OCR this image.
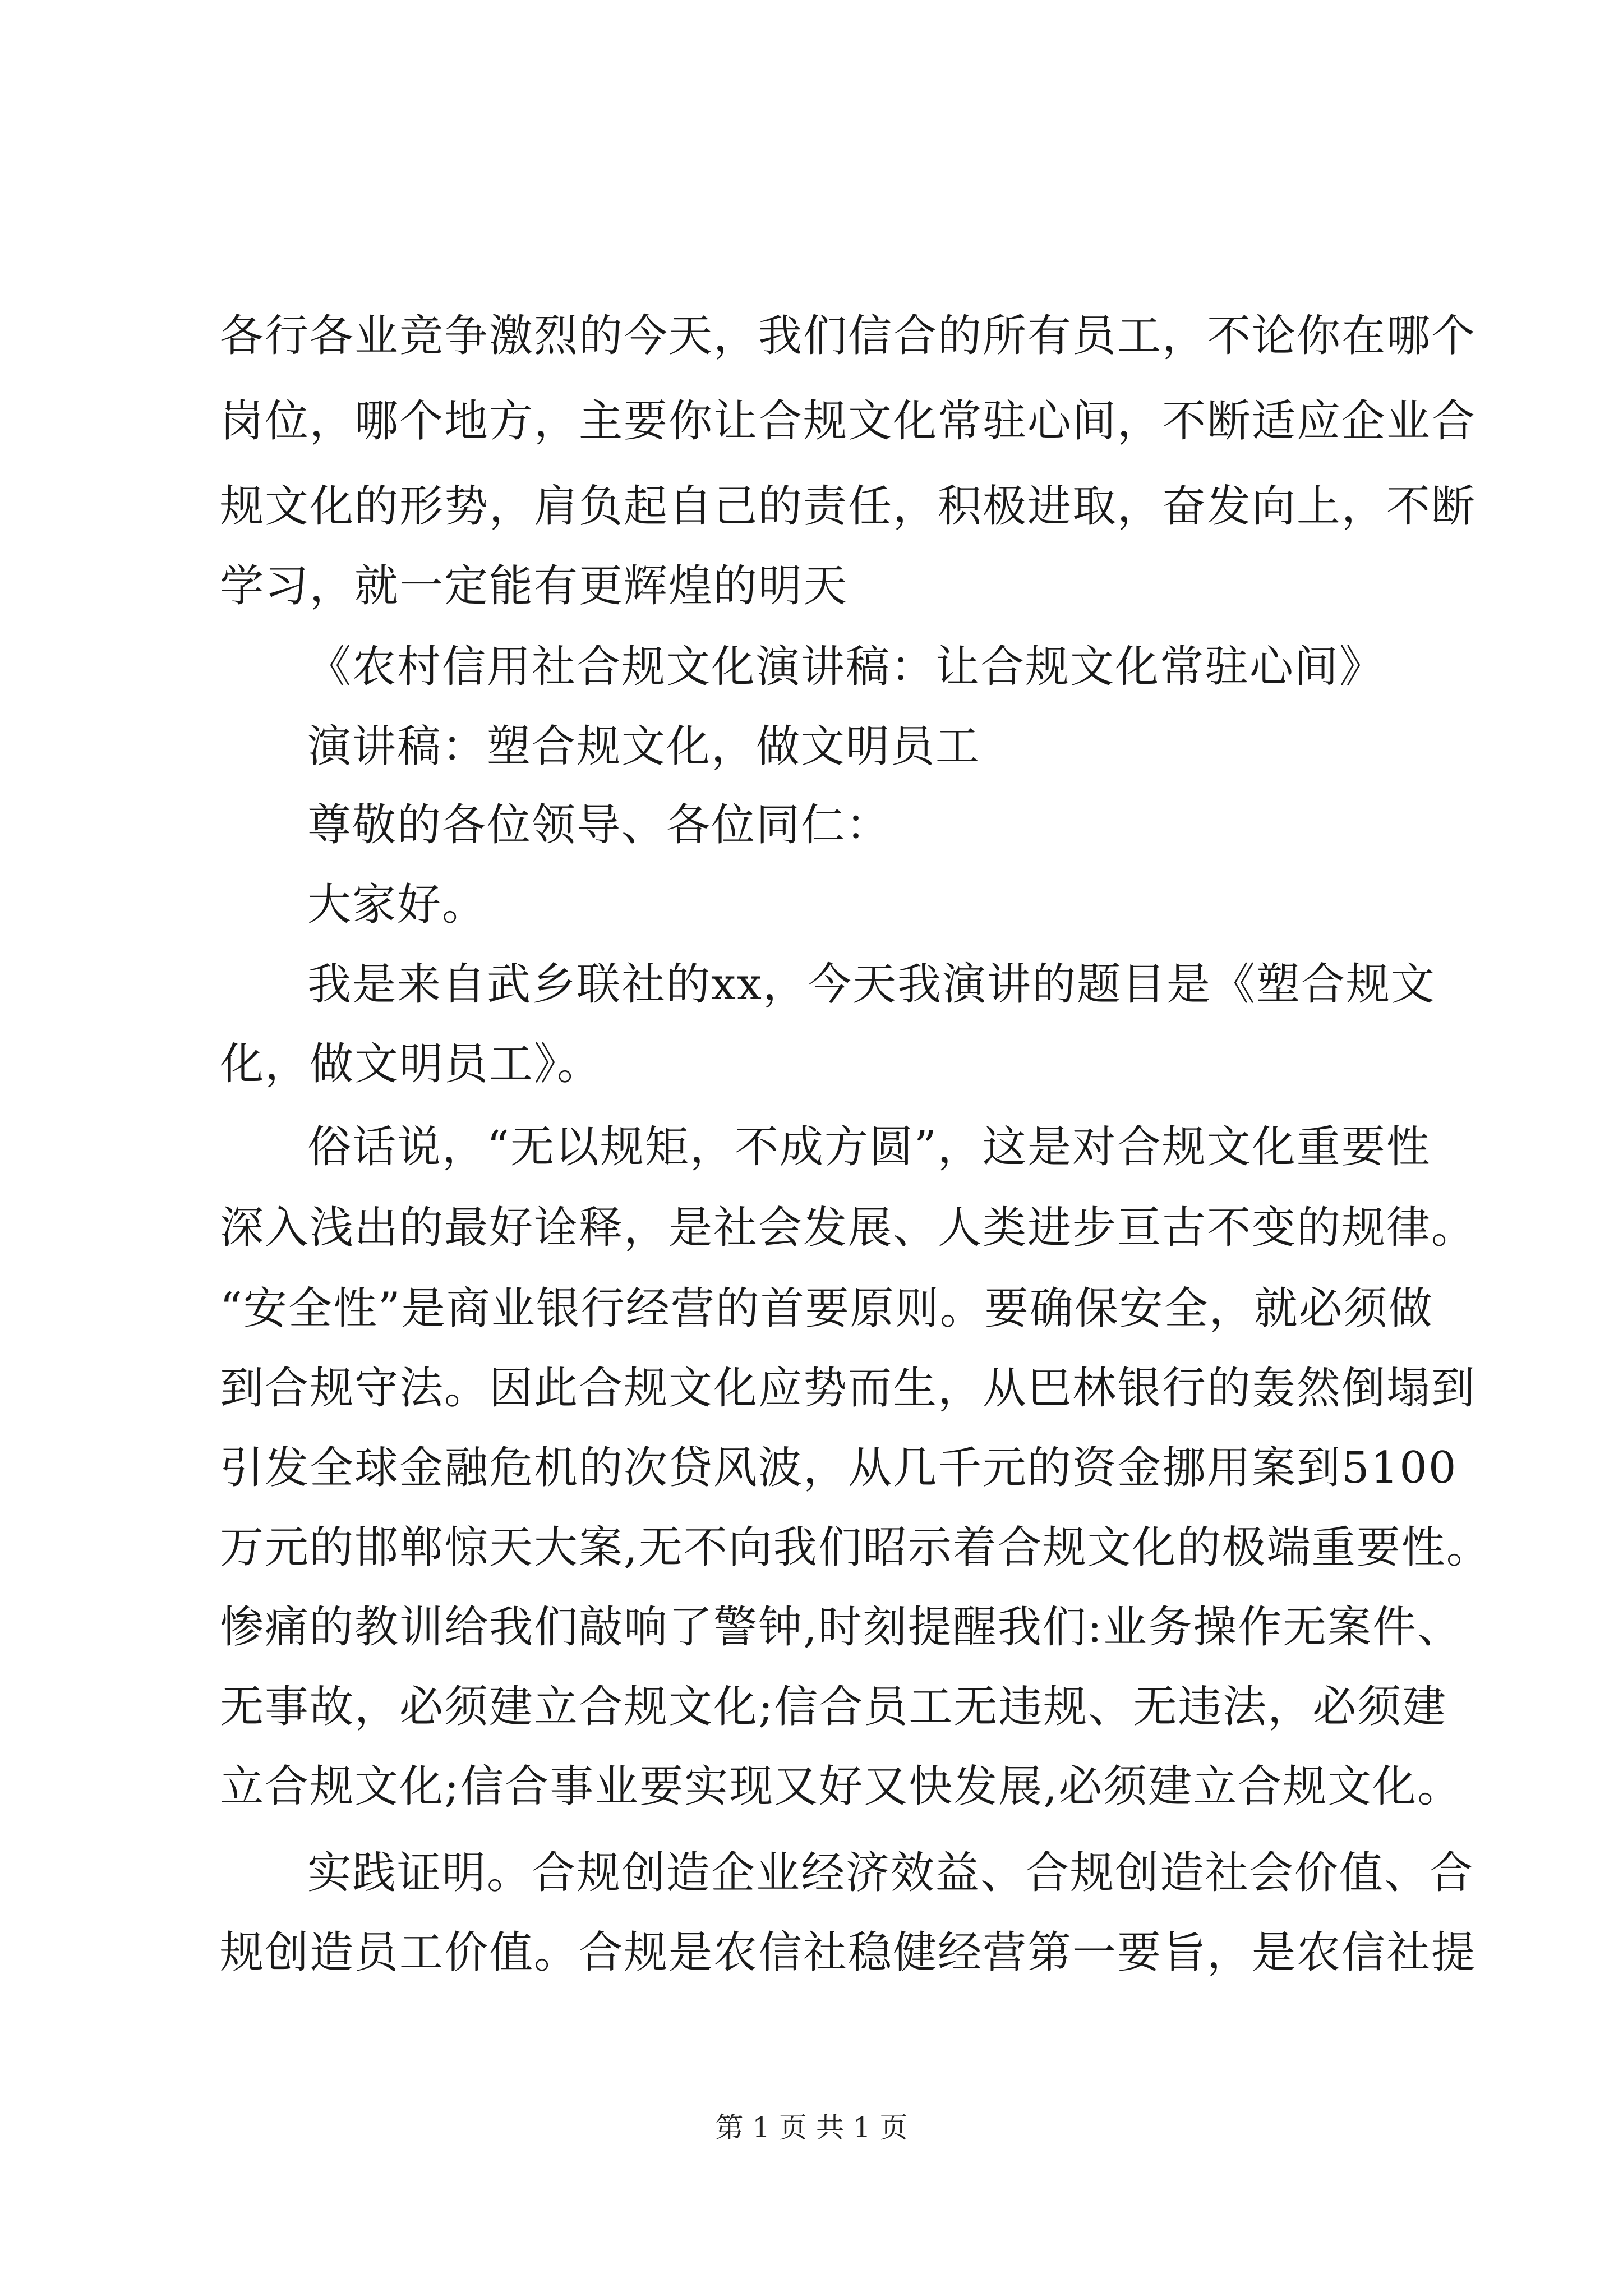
各行各业竞争激烈的今天，我们信合的所有员工，不论你在哪个
岗位，哪个地方，主要你让合规文化常驻心间，不断适应企业合
规文化的形势，肩负起自己的责任，积极进取，奋发向上，不断
学习，就一定能有更辉煌的明天
《农村信用社合规文化演讲稿：让合规文化常驻心间》
演讲稿：塑合规文化，做文明员工
尊敬的各位领导、各位同仁：
大家好。
我是来自武乡联社的xx，今天我演讲的题目是《塑合规文
化，做文明员工》。
俗话说，“无以规矩，不成方圆”，这是对合规文化重要性
深入浅出的最好诠释，是社会发展、人类进步亘古不变的规律。
“安全性”是商业银行经营的首要原则。要确保安全，就必须做
到合规守法。因此合规文化应势而生，从巴林银行的轰然倒塌到
引发全球金融危机的次贷风波，从几千元的资金挪用案到5100
万元的邯郸惊天大案,无不向我们昭示着合规文化的极端重要性。
惨痛的教训给我们敲响了警钟,时刻提醒我们:业务操作无案件、
无事故，必须建立合规文化;信合员工无违规、无违法，必须建
立合规文化;信合事业要实现又好又快发展,必须建立合规文化。
实践证明。合规创造企业经济效益、合规创造社会价值、合
规创造员工价值。合规是农信社稳健经营第一要旨，是农信社提
第 1 页 共 1 页
